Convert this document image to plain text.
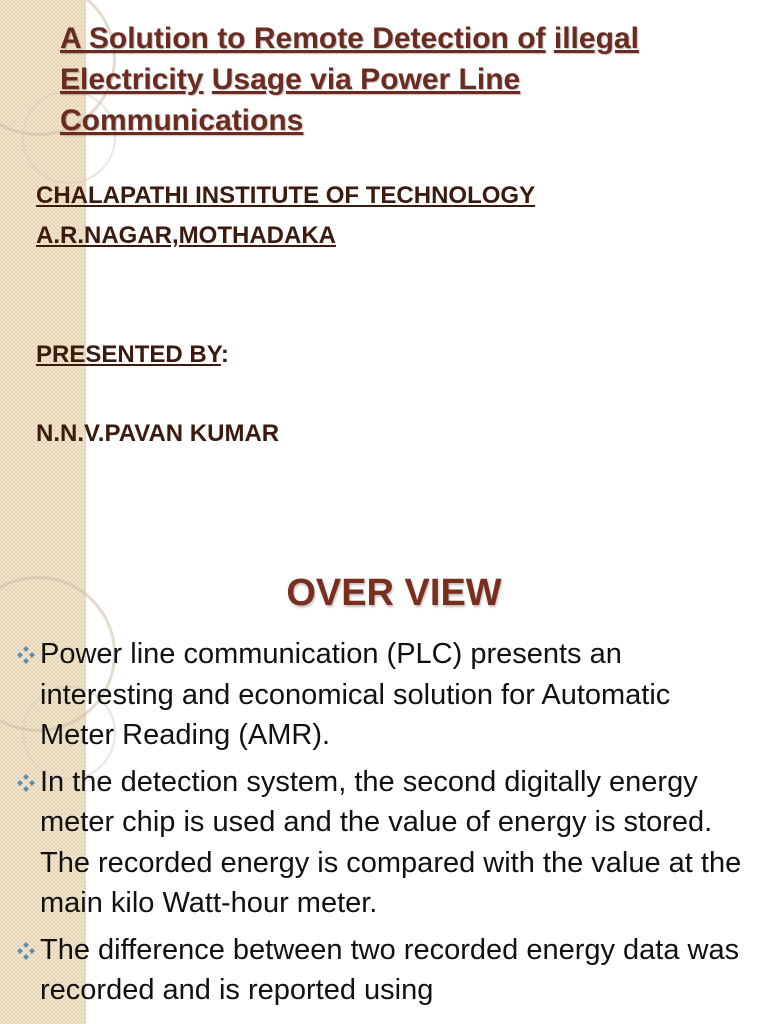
A Solution to Remote Detection of illegal Electricity Usage via Power Line Communications

CHALAPATHI INSTITUTE OF TECHNOLOGY

A.R.NAGAR,MOTHADAKA

PRESENTED BY:

N.N.V.PAVAN KUMAR

OVER VIEW
Power line communication (PLC) presents an interesting and economical solution for Automatic Meter Reading (AMR).
In the detection system, the second digitally energy meter chip is used and the value of energy is stored. The recorded energy is compared with the value at the main kilo Watt-hour meter.
The difference between two recorded energy data was recorded and is reported using
